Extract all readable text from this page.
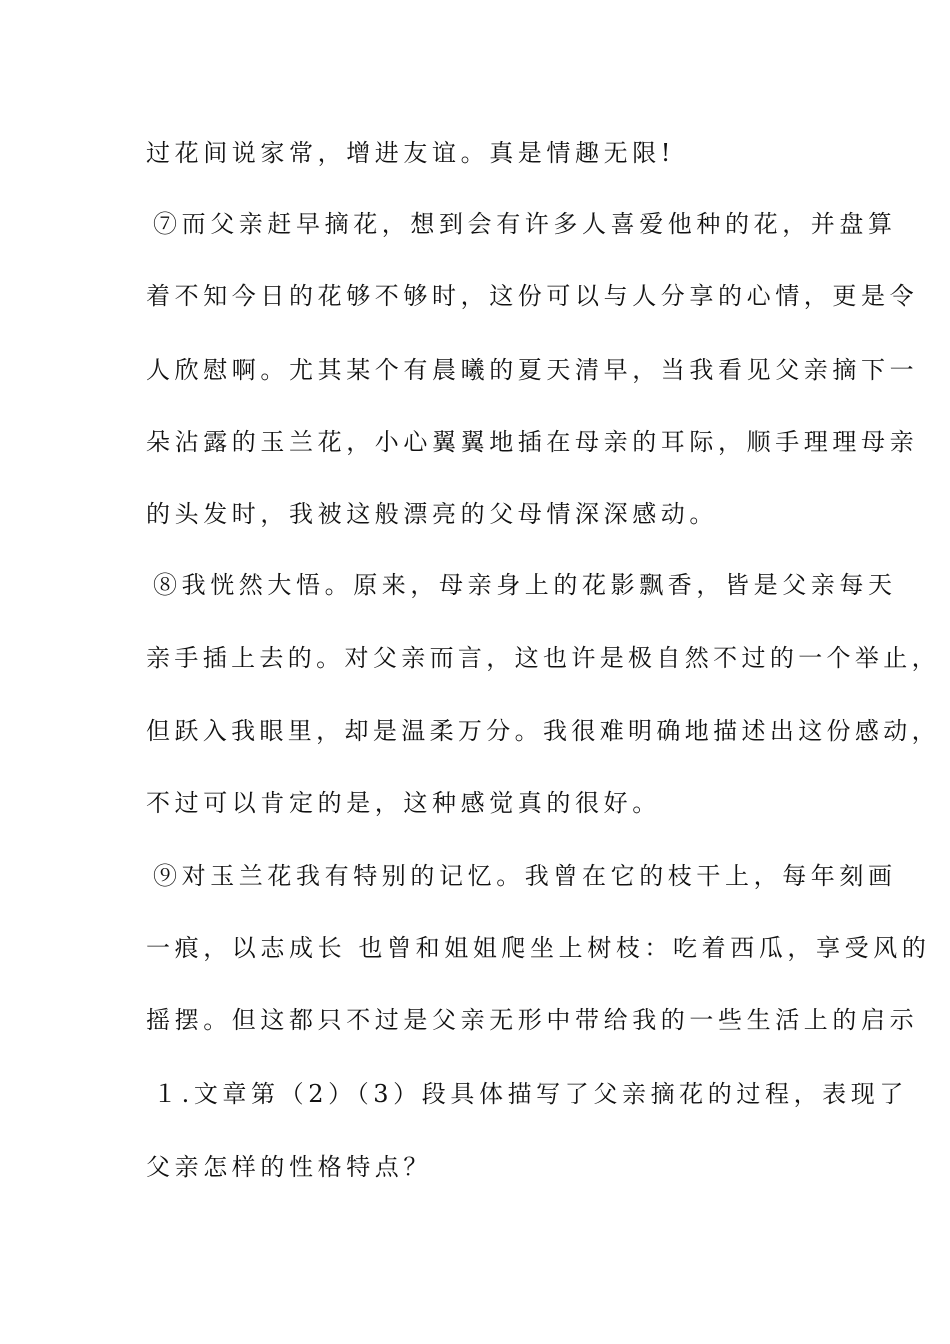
过花间说家常，增进友谊。真是情趣无限!
⑦而父亲赶早摘花，想到会有许多人喜爱他种的花，并盘算
着不知今日的花够不够时，这份可以与人分享的心情，更是令
人欣慰啊。尤其某个有晨曦的夏天清早，当我看见父亲摘下一
朵沾露的玉兰花，小心翼翼地插在母亲的耳际，顺手理理母亲
的头发时，我被这般漂亮的父母情深深感动。
⑧我恍然大悟。原来，母亲身上的花影飘香，皆是父亲每天
亲手插上去的。对父亲而言，这也许是极自然不过的一个举止，
但跃入我眼里，却是温柔万分。我很难明确地描述出这份感动，
不过可以肯定的是，这种感觉真的很好。
⑨对玉兰花我有特别的记忆。我曾在它的枝干上，每年刻画
一痕，以志成长 也曾和姐姐爬坐上树枝：吃着西瓜，享受风的
摇摆。但这都只不过是父亲无形中带给我的一些生活上的启示
１.文章第（2）（3）段具体描写了父亲摘花的过程，表现了
父亲怎样的性格特点？
